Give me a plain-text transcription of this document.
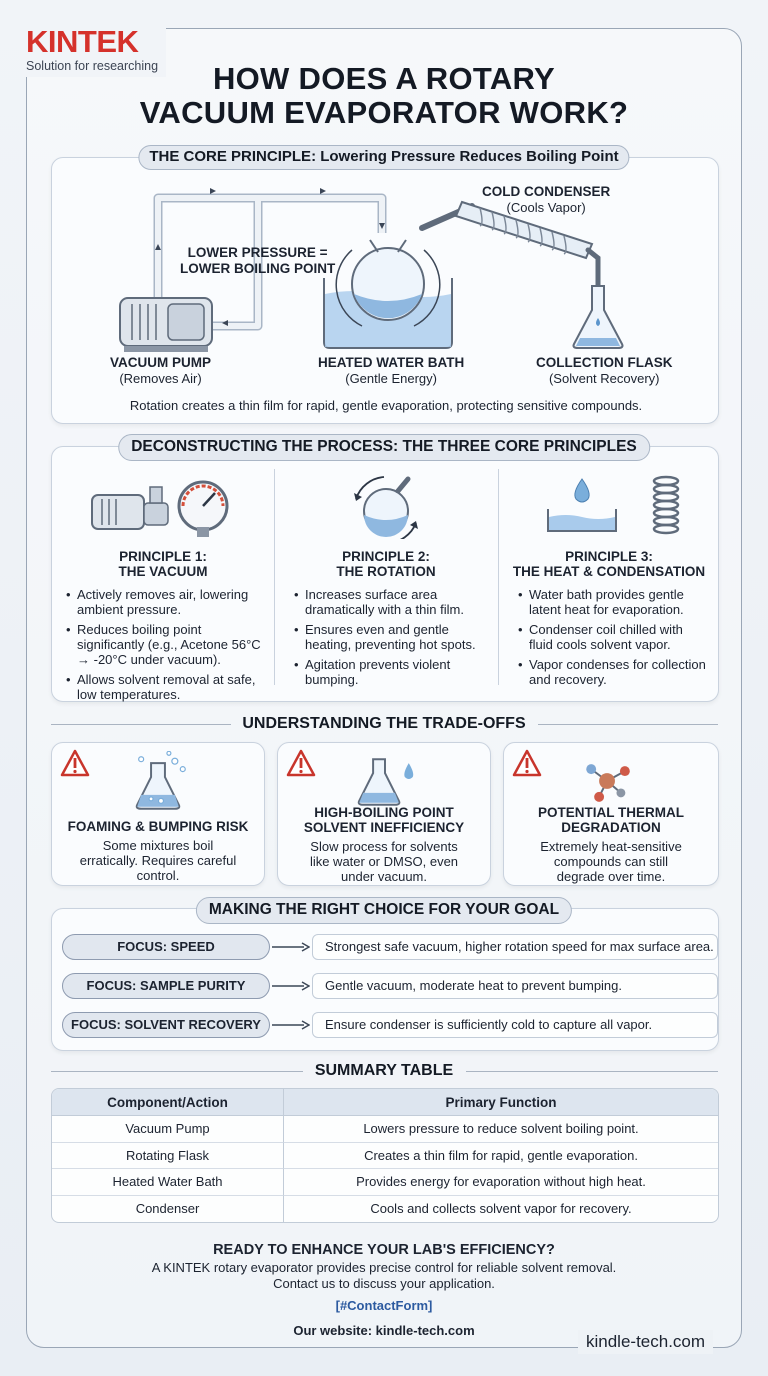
KINTEK
Solution for researching	HOW DOES A ROTARY
VACUUM EVAPORATOR WORK?
LOWER PRESSURE =
LOWER BOILING POINT
COLD CONDENSER
(Cools Vapor)
VACUUM PUMP
(Removes Air)
HEATED WATER BATH
(Gentle Energy)
COLLECTION FLASK
(Solvent Recovery)
Rotation creates a thin film for rapid, gentle evaporation, protecting sensitive compounds.
THE CORE PRINCIPLE: Lowering Pressure Reduces Boiling Point
PRINCIPLE 1:
THE VACUUM
• Actively removes air, lowering ambient pressure.
• Reduces boiling point significantly (e.g., Acetone 56°C → -20°C under vacuum).
• Allows solvent removal at safe, low temperatures.
PRINCIPLE 2:
THE ROTATION
• Increases surface area dramatically with a thin film.
• Ensures even and gentle heating, preventing hot spots.
• Agitation prevents violent bumping.
PRINCIPLE 3:
THE HEAT & CONDENSATION
• Water bath provides gentle latent heat for evaporation.
• Condenser coil chilled with fluid cools solvent vapor.
• Vapor condenses for collection and recovery.
DECONSTRUCTING THE PROCESS: THE THREE CORE PRINCIPLES
UNDERSTANDING THE TRADE-OFFS
FOAMING & BUMPING RISK
Some mixtures boil erratically. Requires careful control.
HIGH-BOILING POINT
SOLVENT INEFFICIENCY
Slow process for solvents like water or DMSO, even under vacuum.
POTENTIAL THERMAL
DEGRADATION
Extremely heat-sensitive compounds can still degrade over time.
MAKING THE RIGHT CHOICE FOR YOUR GOAL
FOCUS: SPEED	Strongest safe vacuum, higher rotation speed for max surface area.
FOCUS: SAMPLE PURITY	Gentle vacuum, moderate heat to prevent bumping.
FOCUS: SOLVENT RECOVERY	Ensure condenser is sufficiently cold to capture all vapor.
SUMMARY TABLE
Component/Action	Primary Function
Vacuum Pump	Lowers pressure to reduce solvent boiling point.
Rotating Flask	Creates a thin film for rapid, gentle evaporation.
Heated Water Bath	Provides energy for evaporation without high heat.
Condenser	Cools and collects solvent vapor for recovery.
READY TO ENHANCE YOUR LAB'S EFFICIENCY?
A KINTEK rotary evaporator provides precise control for reliable solvent removal.
Contact us to discuss your application.
[#ContactForm]
Our website: kindle-tech.com
kindle-tech.com
